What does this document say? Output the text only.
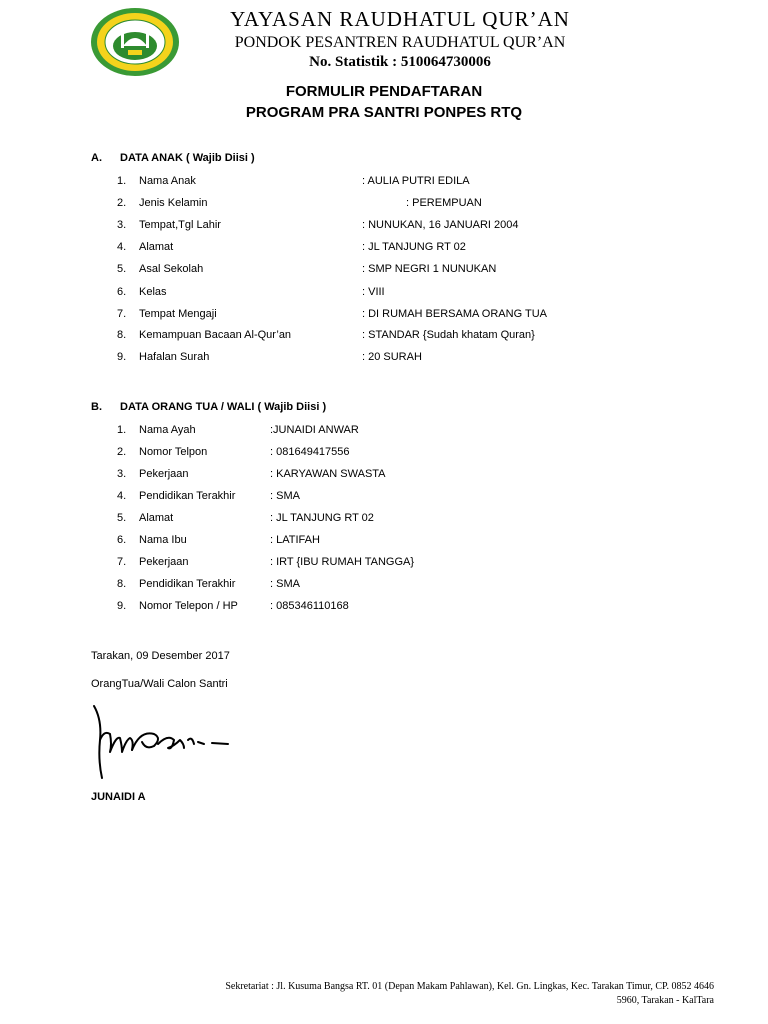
YAYASAN RAUDHATUL QUR’AN
PONDOK PESANTREN RAUDHATUL QUR’AN
No. Statistik : 510064730006
FORMULIR PENDAFTARAN
PROGRAM PRA SANTRI PONPES RTQ
A. DATA ANAK ( Wajib Diisi )
1. Nama Anak	: AULIA PUTRI EDILA
2. Jenis Kelamin	: PEREMPUAN
3. Tempat,Tgl Lahir	: NUNUKAN, 16 JANUARI 2004
4. Alamat	: JL TANJUNG RT 02
5. Asal Sekolah	: SMP NEGRI 1 NUNUKAN
6. Kelas	: VIII
7. Tempat Mengaji	: DI RUMAH BERSAMA ORANG TUA
8. Kemampuan Bacaan Al-Qur’an	: STANDAR {Sudah khatam Quran}
9. Hafalan Surah	: 20 SURAH
B. DATA ORANG TUA / WALI ( Wajib Diisi )
1. Nama Ayah	:JUNAIDI ANWAR
2. Nomor Telpon	: 081649417556
3. Pekerjaan	: KARYAWAN SWASTA
4. Pendidikan Terakhir	: SMA
5. Alamat	: JL TANJUNG RT 02
6. Nama Ibu	: LATIFAH
7. Pekerjaan	: IRT {IBU RUMAH TANGGA}
8. Pendidikan Terakhir	: SMA
9. Nomor Telepon / HP	: 085346110168
Tarakan, 09 Desember 2017
OrangTua/Wali Calon Santri
JUNAIDI A
Sekretariat : Jl. Kusuma Bangsa RT. 01 (Depan Makam Pahlawan), Kel. Gn. Lingkas, Kec. Tarakan Timur, CP. 0852 4646
5960, Tarakan - KalTara
